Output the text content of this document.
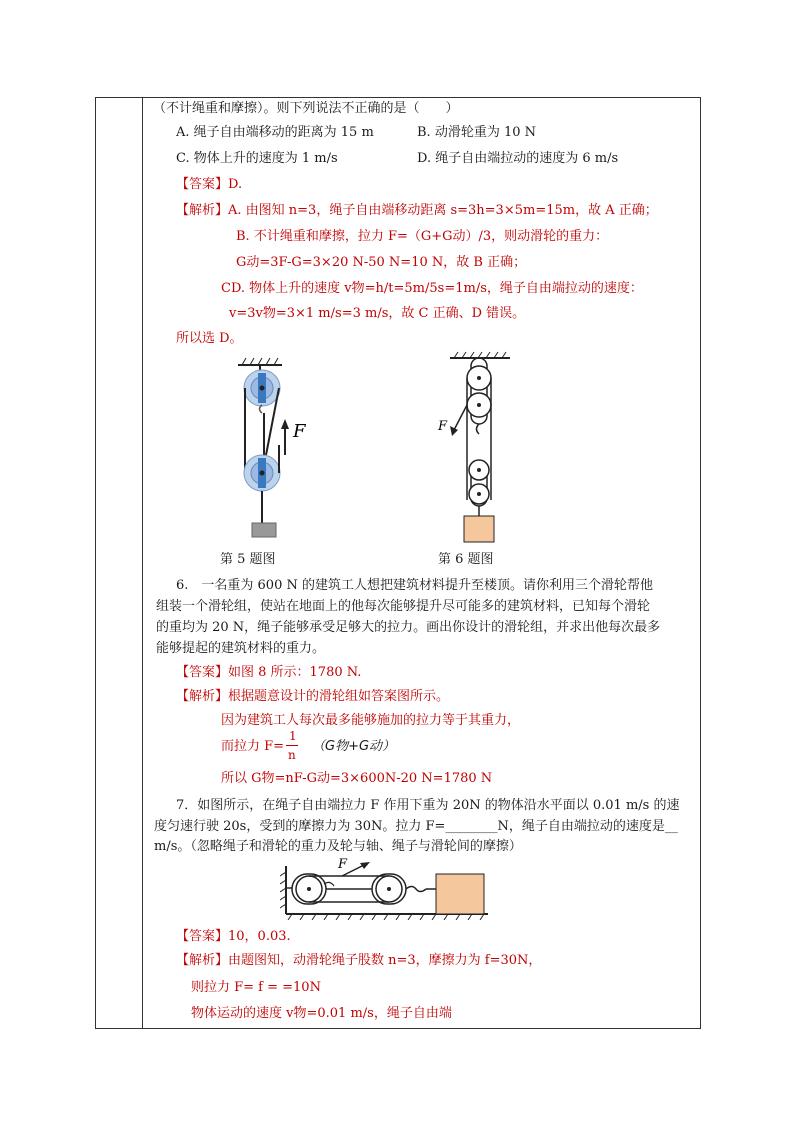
（不计绳重和摩擦）。则下列说法不正确的是（　　）
A. 绳子自由端移动的距离为 15 m	B. 动滑轮重为 10 N
C. 物体上升的速度为 1 m/s	D. 绳子自由端拉动的速度为 6 m/s
【答案】D.
【解析】A. 由图知 n=3，绳子自由端移动距离 s=3h=3×5m=15m，故 A 正确；
B. 不计绳重和摩擦，拉力 F=（G+G动）/3，则动滑轮的重力：
G动=3F-G=3×20 N-50 N=10 N，故 B 正确；
CD. 物体上升的速度 v物=h/t=5m/5s=1m/s，绳子自由端拉动的速度：
v=3v物=3×1 m/s=3 m/s，故 C 正确、D 错误。
所以选 D。
F	F
第 5 题图	第 6 题图
6.　一名重为 600 N 的建筑工人想把建筑材料提升至楼顶。请你利用三个滑轮帮他
组装一个滑轮组，使站在地面上的他每次能够提升尽可能多的建筑材料，已知每个滑轮
的重均为 20 N，绳子能够承受足够大的拉力。画出你设计的滑轮组，并求出他每次最多
能够提起的建筑材料的重力。
【答案】如图 8 所示：1780 N.
【解析】根据题意设计的滑轮组如答案图所示。
因为建筑工人每次最多能够施加的拉力等于其重力，
而拉力 F=
1
n
（G物+G动）
所以 G物=nF-G动=3×600N-20 N=1780 N
7．如图所示，在绳子自由端拉力 F 作用下重为 20N 的物体沿水平面以 0.01 m/s 的速
度匀速行驶 20s，受到的摩擦力为 30N。拉力 F=________N，绳子自由端拉动的速度是__
m/s。（忽略绳子和滑轮的重力及轮与轴、绳子与滑轮间的摩擦）
F
【答案】10，0.03.
【解析】由题图知，动滑轮绳子股数 n=3，摩擦力为 f=30N，
则拉力 F= f = =10N
物体运动的速度 v物=0.01 m/s，绳子自由端
